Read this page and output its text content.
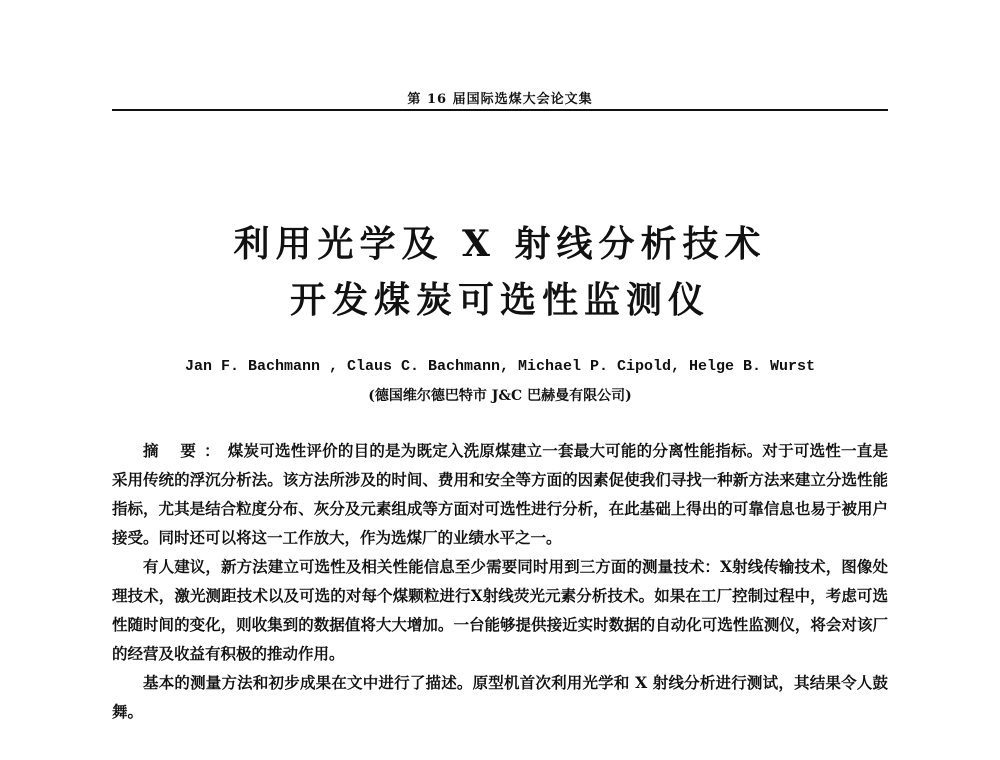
第 16 届国际选煤大会论文集
利用光学及 X 射线分析技术
开发煤炭可选性监测仪
Jan F. Bachmann , Claus C. Bachmann, Michael P. Cipold, Helge B. Wurst
(德国维尔德巴特市 J&C 巴赫曼有限公司)

摘 要：煤炭可选性评价的目的是为既定入洗原煤建立一套最大可能的分离性能指标。对于可选性一直是采用传统的浮沉分析法。该方法所涉及的时间、费用和安全等方面的因素促使我们寻找一种新方法来建立分选性能指标，尤其是结合粒度分布、灰分及元素组成等方面对可选性进行分析，在此基础上得出的可靠信息也易于被用户接受。同时还可以将这一工作放大，作为选煤厂的业绩水平之一。

有人建议，新方法建立可选性及相关性能信息至少需要同时用到三方面的测量技术：X射线传输技术，图像处理技术，激光测距技术以及可选的对每个煤颗粒进行X射线荧光元素分析技术。如果在工厂控制过程中，考虑可选性随时间的变化，则收集到的数据值将大大增加。一台能够提供接近实时数据的自动化可选性监测仪，将会对该厂的经营及收益有积极的推动作用。

基本的测量方法和初步成果在文中进行了描述。原型机首次利用光学和 X 射线分析进行测试，其结果令人鼓舞。
